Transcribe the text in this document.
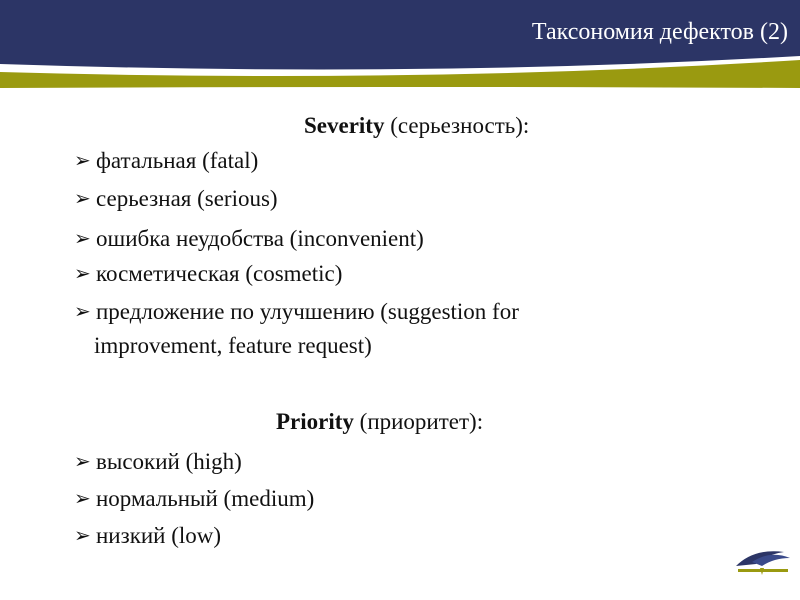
Таксономия дефектов (2)
Severity (серьезность):
➢ фатальная (fatal)
➢ серьезная (serious)
➢ ошибка неудобства (inconvenient)
➢ косметическая (cosmetic)
➢ предложение по улучшению (suggestion for
improvement, feature request)
Priority (приоритет):
➢ высокий (high)
➢ нормальный (medium)
➢ низкий (low)
